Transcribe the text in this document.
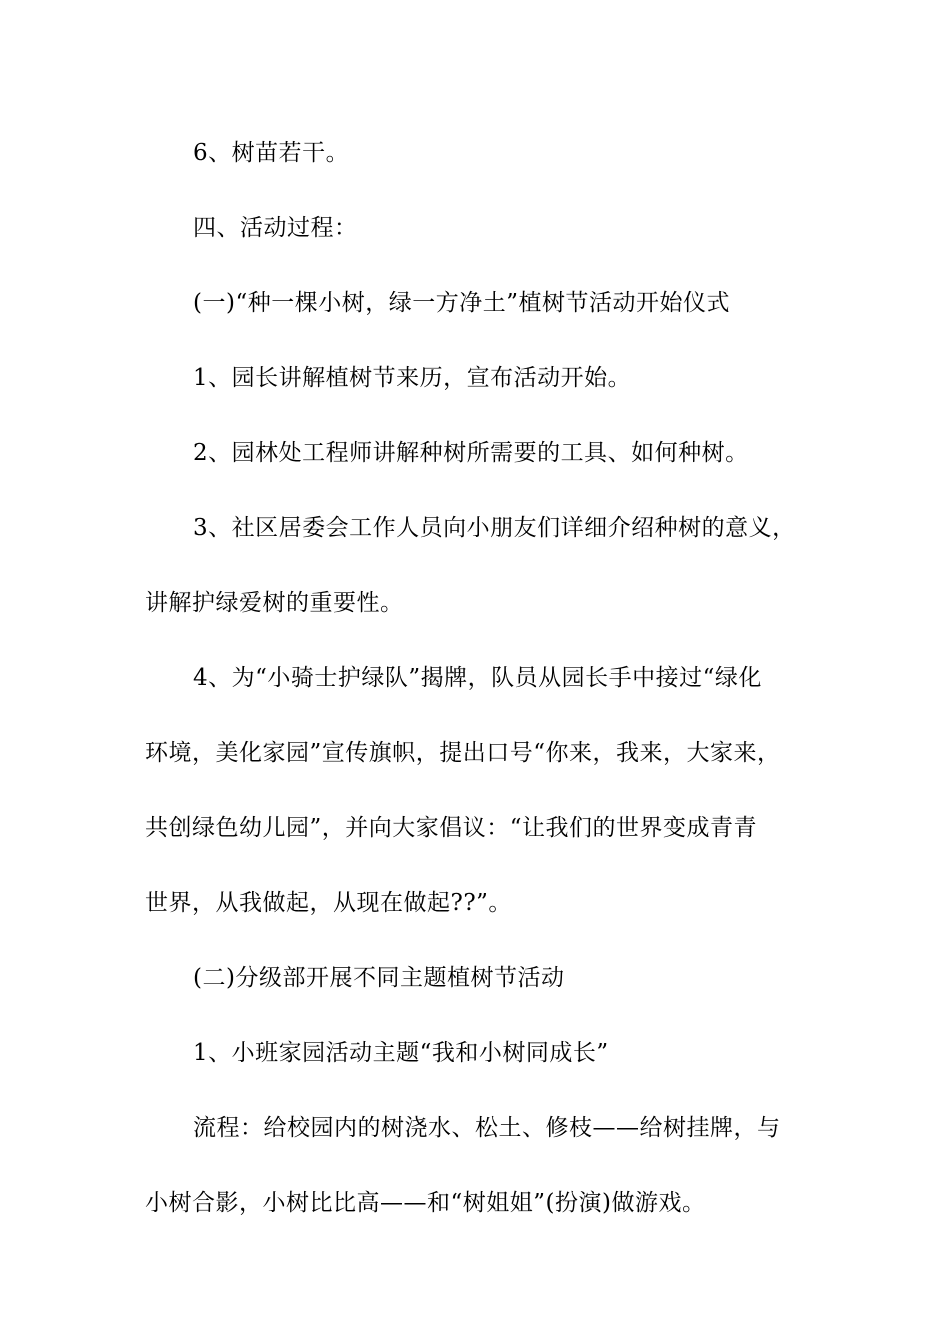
6、树苗若干。
四、活动过程：
(一)“种一棵小树，绿一方净土”植树节活动开始仪式
1、园长讲解植树节来历，宣布活动开始。
2、园林处工程师讲解种树所需要的工具、如何种树。
3、社区居委会工作人员向小朋友们详细介绍种树的意义，
讲解护绿爱树的重要性。
4、为“小骑士护绿队”揭牌，队员从园长手中接过“绿化
环境，美化家园”宣传旗帜，提出口号“你来，我来，大家来，
共创绿色幼儿园”，并向大家倡议：“让我们的世界变成青青
世界，从我做起，从现在做起??”。
(二)分级部开展不同主题植树节活动
1、小班家园活动主题“我和小树同成长”
流程：给校园内的树浇水、松土、修枝——给树挂牌，与
小树合影，小树比比高——和“树姐姐”(扮演)做游戏。
